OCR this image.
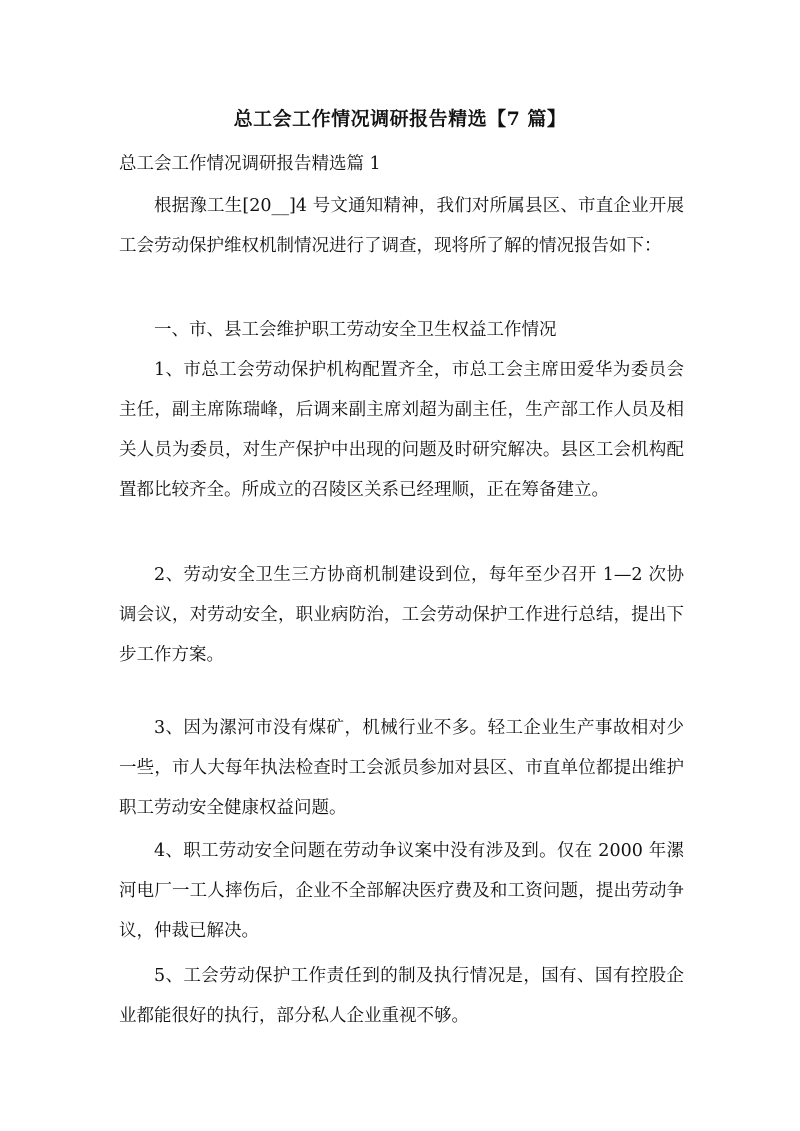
总工会工作情况调研报告精选【7 篇】
总工会工作情况调研报告精选篇 1

根据豫工生[20__]4 号文通知精神，我们对所属县区、市直企业开展工会劳动保护维权机制情况进行了调查，现将所了解的情况报告如下：

一、市、县工会维护职工劳动安全卫生权益工作情况

1、市总工会劳动保护机构配置齐全，市总工会主席田爱华为委员会主任，副主席陈瑞峰，后调来副主席刘超为副主任，生产部工作人员及相关人员为委员，对生产保护中出现的问题及时研究解决。县区工会机构配置都比较齐全。所成立的召陵区关系已经理顺，正在筹备建立。

2、劳动安全卫生三方协商机制建设到位，每年至少召开 1—2 次协调会议，对劳动安全，职业病防治，工会劳动保护工作进行总结，提出下步工作方案。

3、因为漯河市没有煤矿，机械行业不多。轻工企业生产事故相对少一些，市人大每年执法检查时工会派员参加对县区、市直单位都提出维护职工劳动安全健康权益问题。

4、职工劳动安全问题在劳动争议案中没有涉及到。仅在 2000 年漯河电厂一工人摔伤后，企业不全部解决医疗费及和工资问题，提出劳动争议，仲裁已解决。

5、工会劳动保护工作责任到的制及执行情况是，国有、国有控股企业都能很好的执行，部分私人企业重视不够。
